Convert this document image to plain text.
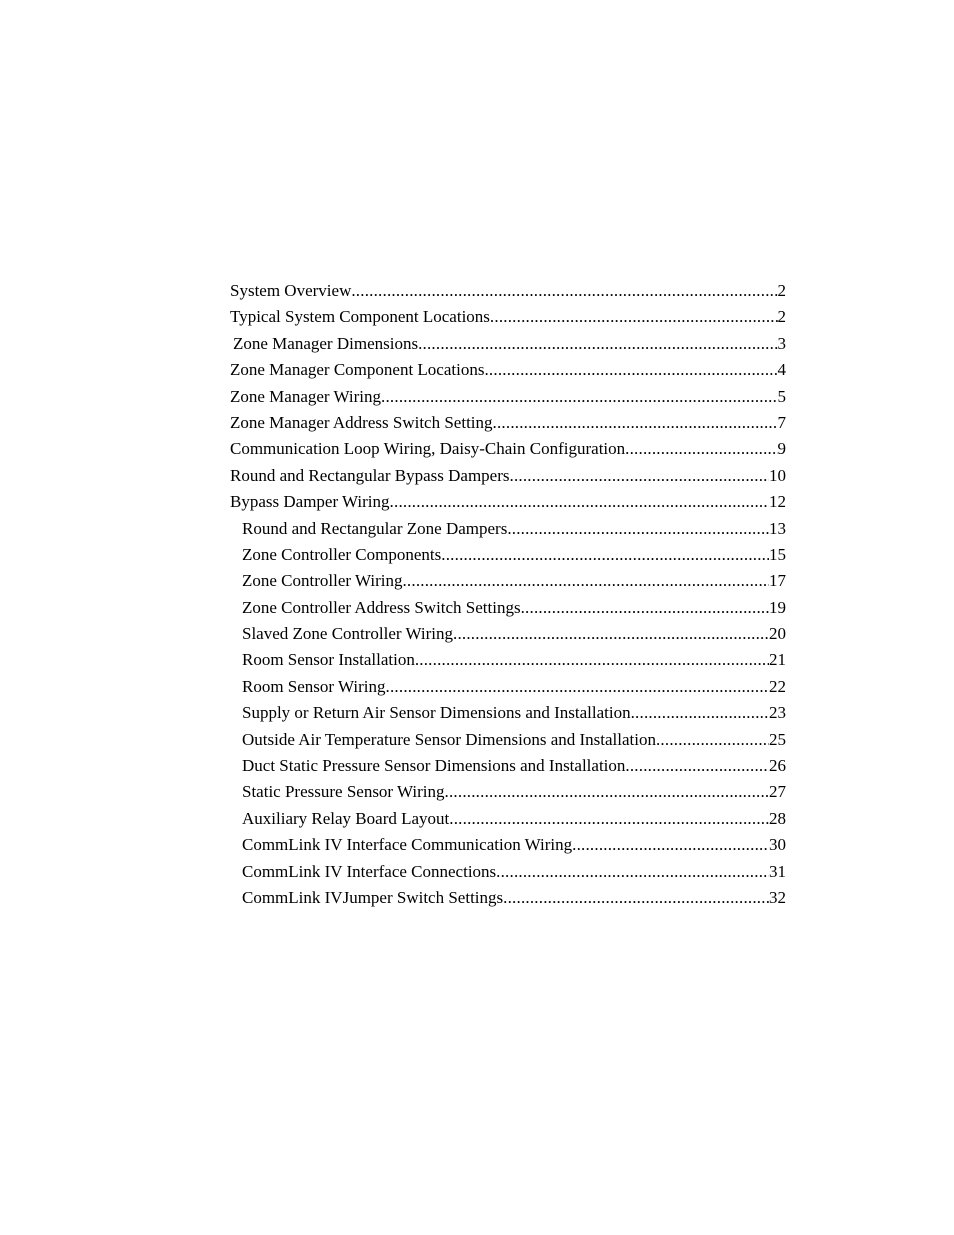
System Overview .....	2
Typical System Component Locations .....	2
Zone Manager Dimensions .....	3
Zone Manager Component Locations .....	4
Zone Manager Wiring .....	5
Zone Manager Address Switch Setting .....	7
Communication Loop Wiring, Daisy-Chain Configuration .....	9
Round and Rectangular Bypass Dampers .....	10
Bypass Damper Wiring .....	12
Round and Rectangular Zone Dampers .....	13
Zone Controller Components .....	15
Zone Controller Wiring .....	17
Zone Controller Address Switch Settings .....	19
Slaved Zone Controller Wiring .....	20
Room Sensor Installation .....	21
Room Sensor Wiring .....	22
Supply or Return Air Sensor Dimensions and Installation .....	23
Outside Air Temperature Sensor Dimensions and Installation .....	25
Duct Static Pressure Sensor Dimensions and Installation .....	26
Static Pressure Sensor Wiring .....	27
Auxiliary Relay Board Layout .....	28
CommLink IV Interface Communication Wiring .....	30
CommLink IV Interface Connections .....	31
CommLink IVJumper Switch Settings .....	32
